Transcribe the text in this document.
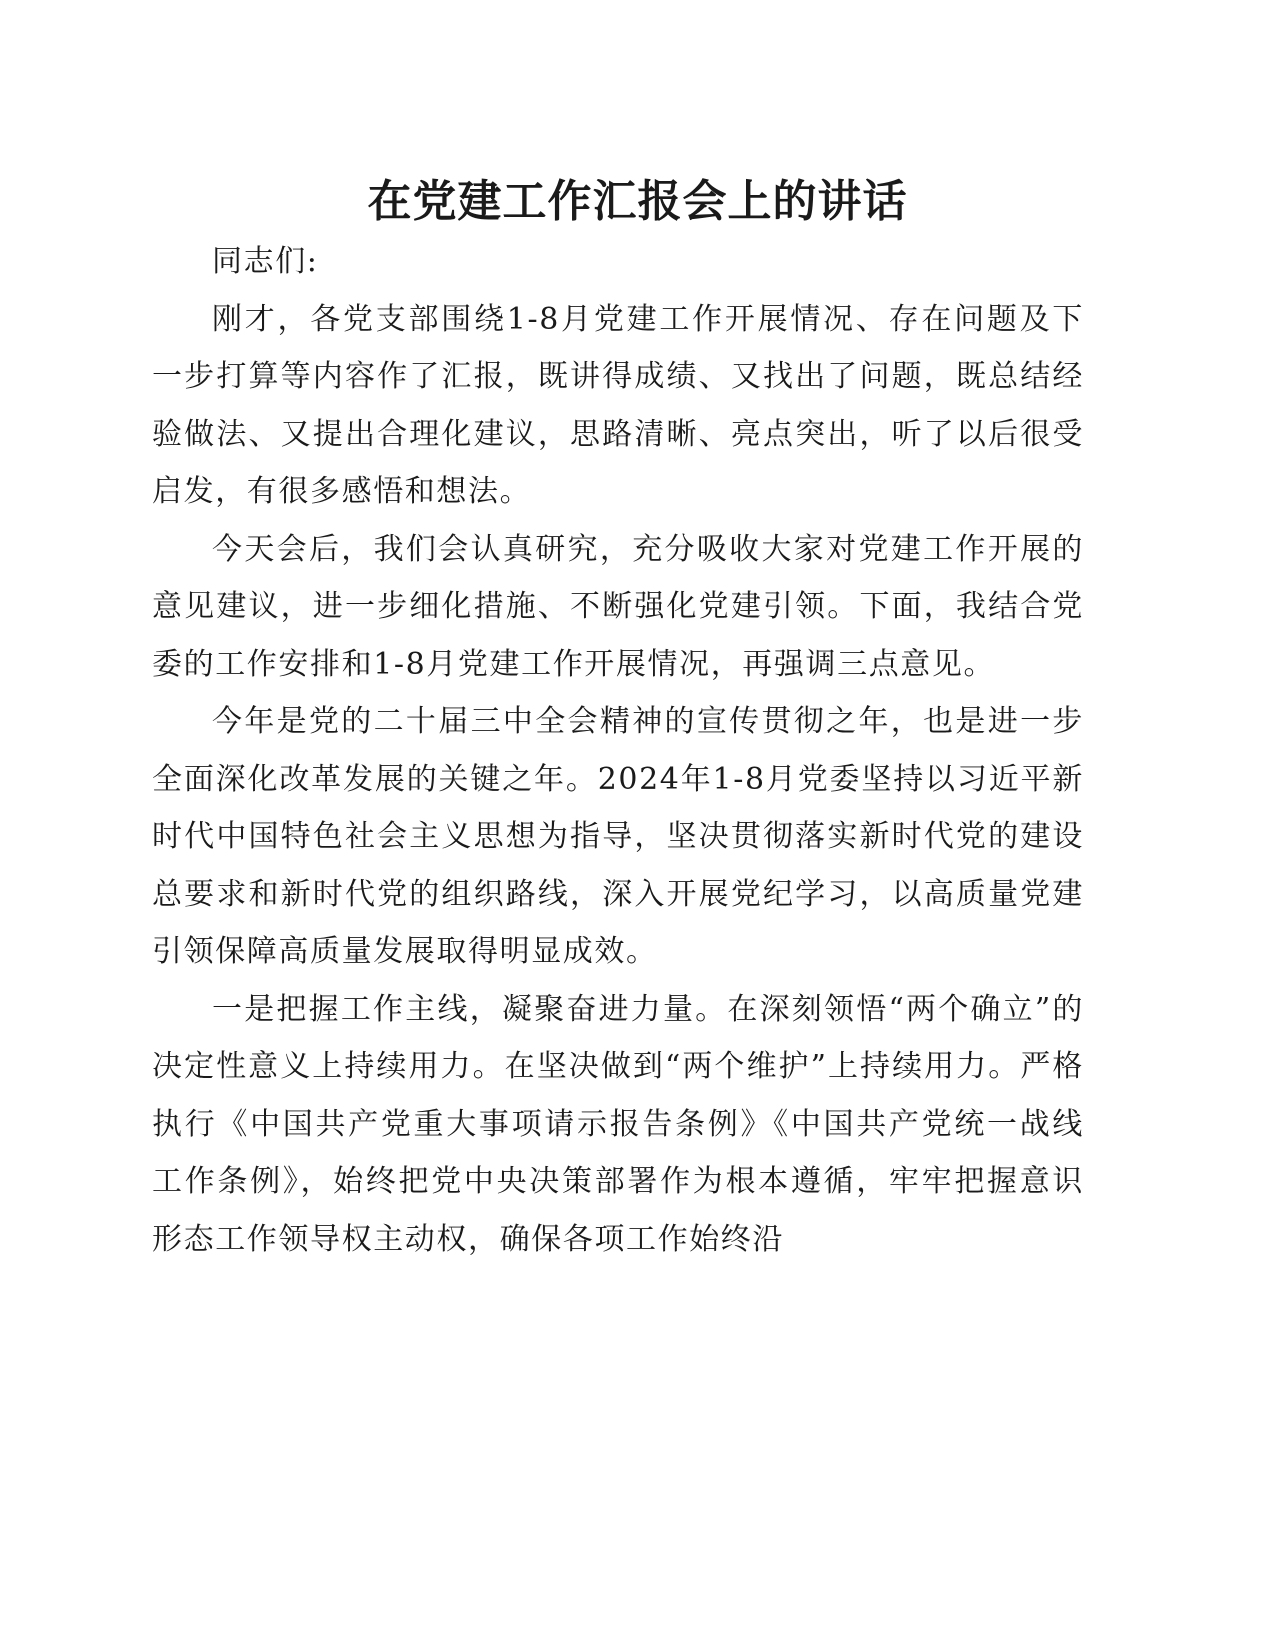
在党建工作汇报会上的讲话

同志们:

刚才，各党支部围绕1-8月党建工作开展情况、存在问题及下一步打算等内容作了汇报，既讲得成绩、又找出了问题，既总结经验做法、又提出合理化建议，思路清晰、亮点突出，听了以后很受启发，有很多感悟和想法。

今天会后，我们会认真研究，充分吸收大家对党建工作开展的意见建议，进一步细化措施、不断强化党建引领。下面，我结合党委的工作安排和1-8月党建工作开展情况，再强调三点意见。

今年是党的二十届三中全会精神的宣传贯彻之年，也是进一步全面深化改革发展的关键之年。2024年1-8月党委坚持以习近平新时代中国特色社会主义思想为指导，坚决贯彻落实新时代党的建设总要求和新时代党的组织路线，深入开展党纪学习，以高质量党建引领保障高质量发展取得明显成效。

一是把握工作主线，凝聚奋进力量。在深刻领悟“两个确立”的决定性意义上持续用力。在坚决做到“两个维护”上持续用力。严格执行《中国共产党重大事项请示报告条例》《中国共产党统一战线工作条例》，始终把党中央决策部署作为根本遵循，牢牢把握意识形态工作领导权主动权，确保各项工作始终沿
